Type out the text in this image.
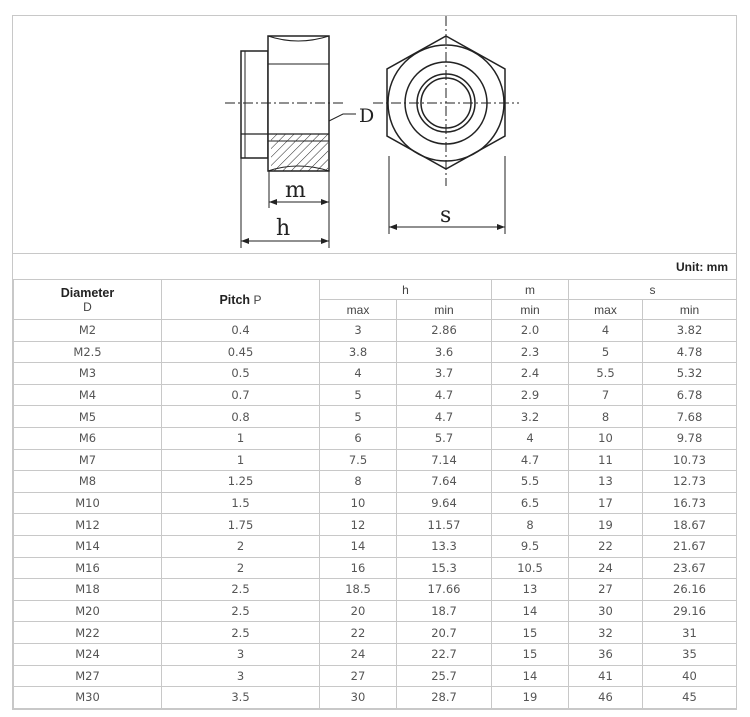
D
m
h
s
Unit: mm
Diameter
D	Pitch P	h		m	s	
		max	min	min	max	min
M2	0.4	3	2.86	2.0	4	3.82
M2.5	0.45	3.8	3.6	2.3	5	4.78
M3	0.5	4	3.7	2.4	5.5	5.32
M4	0.7	5	4.7	2.9	7	6.78
M5	0.8	5	4.7	3.2	8	7.68
M6	1	6	5.7	4	10	9.78
M7	1	7.5	7.14	4.7	11	10.73
M8	1.25	8	7.64	5.5	13	12.73
M10	1.5	10	9.64	6.5	17	16.73
M12	1.75	12	11.57	8	19	18.67
M14	2	14	13.3	9.5	22	21.67
M16	2	16	15.3	10.5	24	23.67
M18	2.5	18.5	17.66	13	27	26.16
M20	2.5	20	18.7	14	30	29.16
M22	2.5	22	20.7	15	32	31
M24	3	24	22.7	15	36	35
M27	3	27	25.7	14	41	40
M30	3.5	30	28.7	19	46	45
